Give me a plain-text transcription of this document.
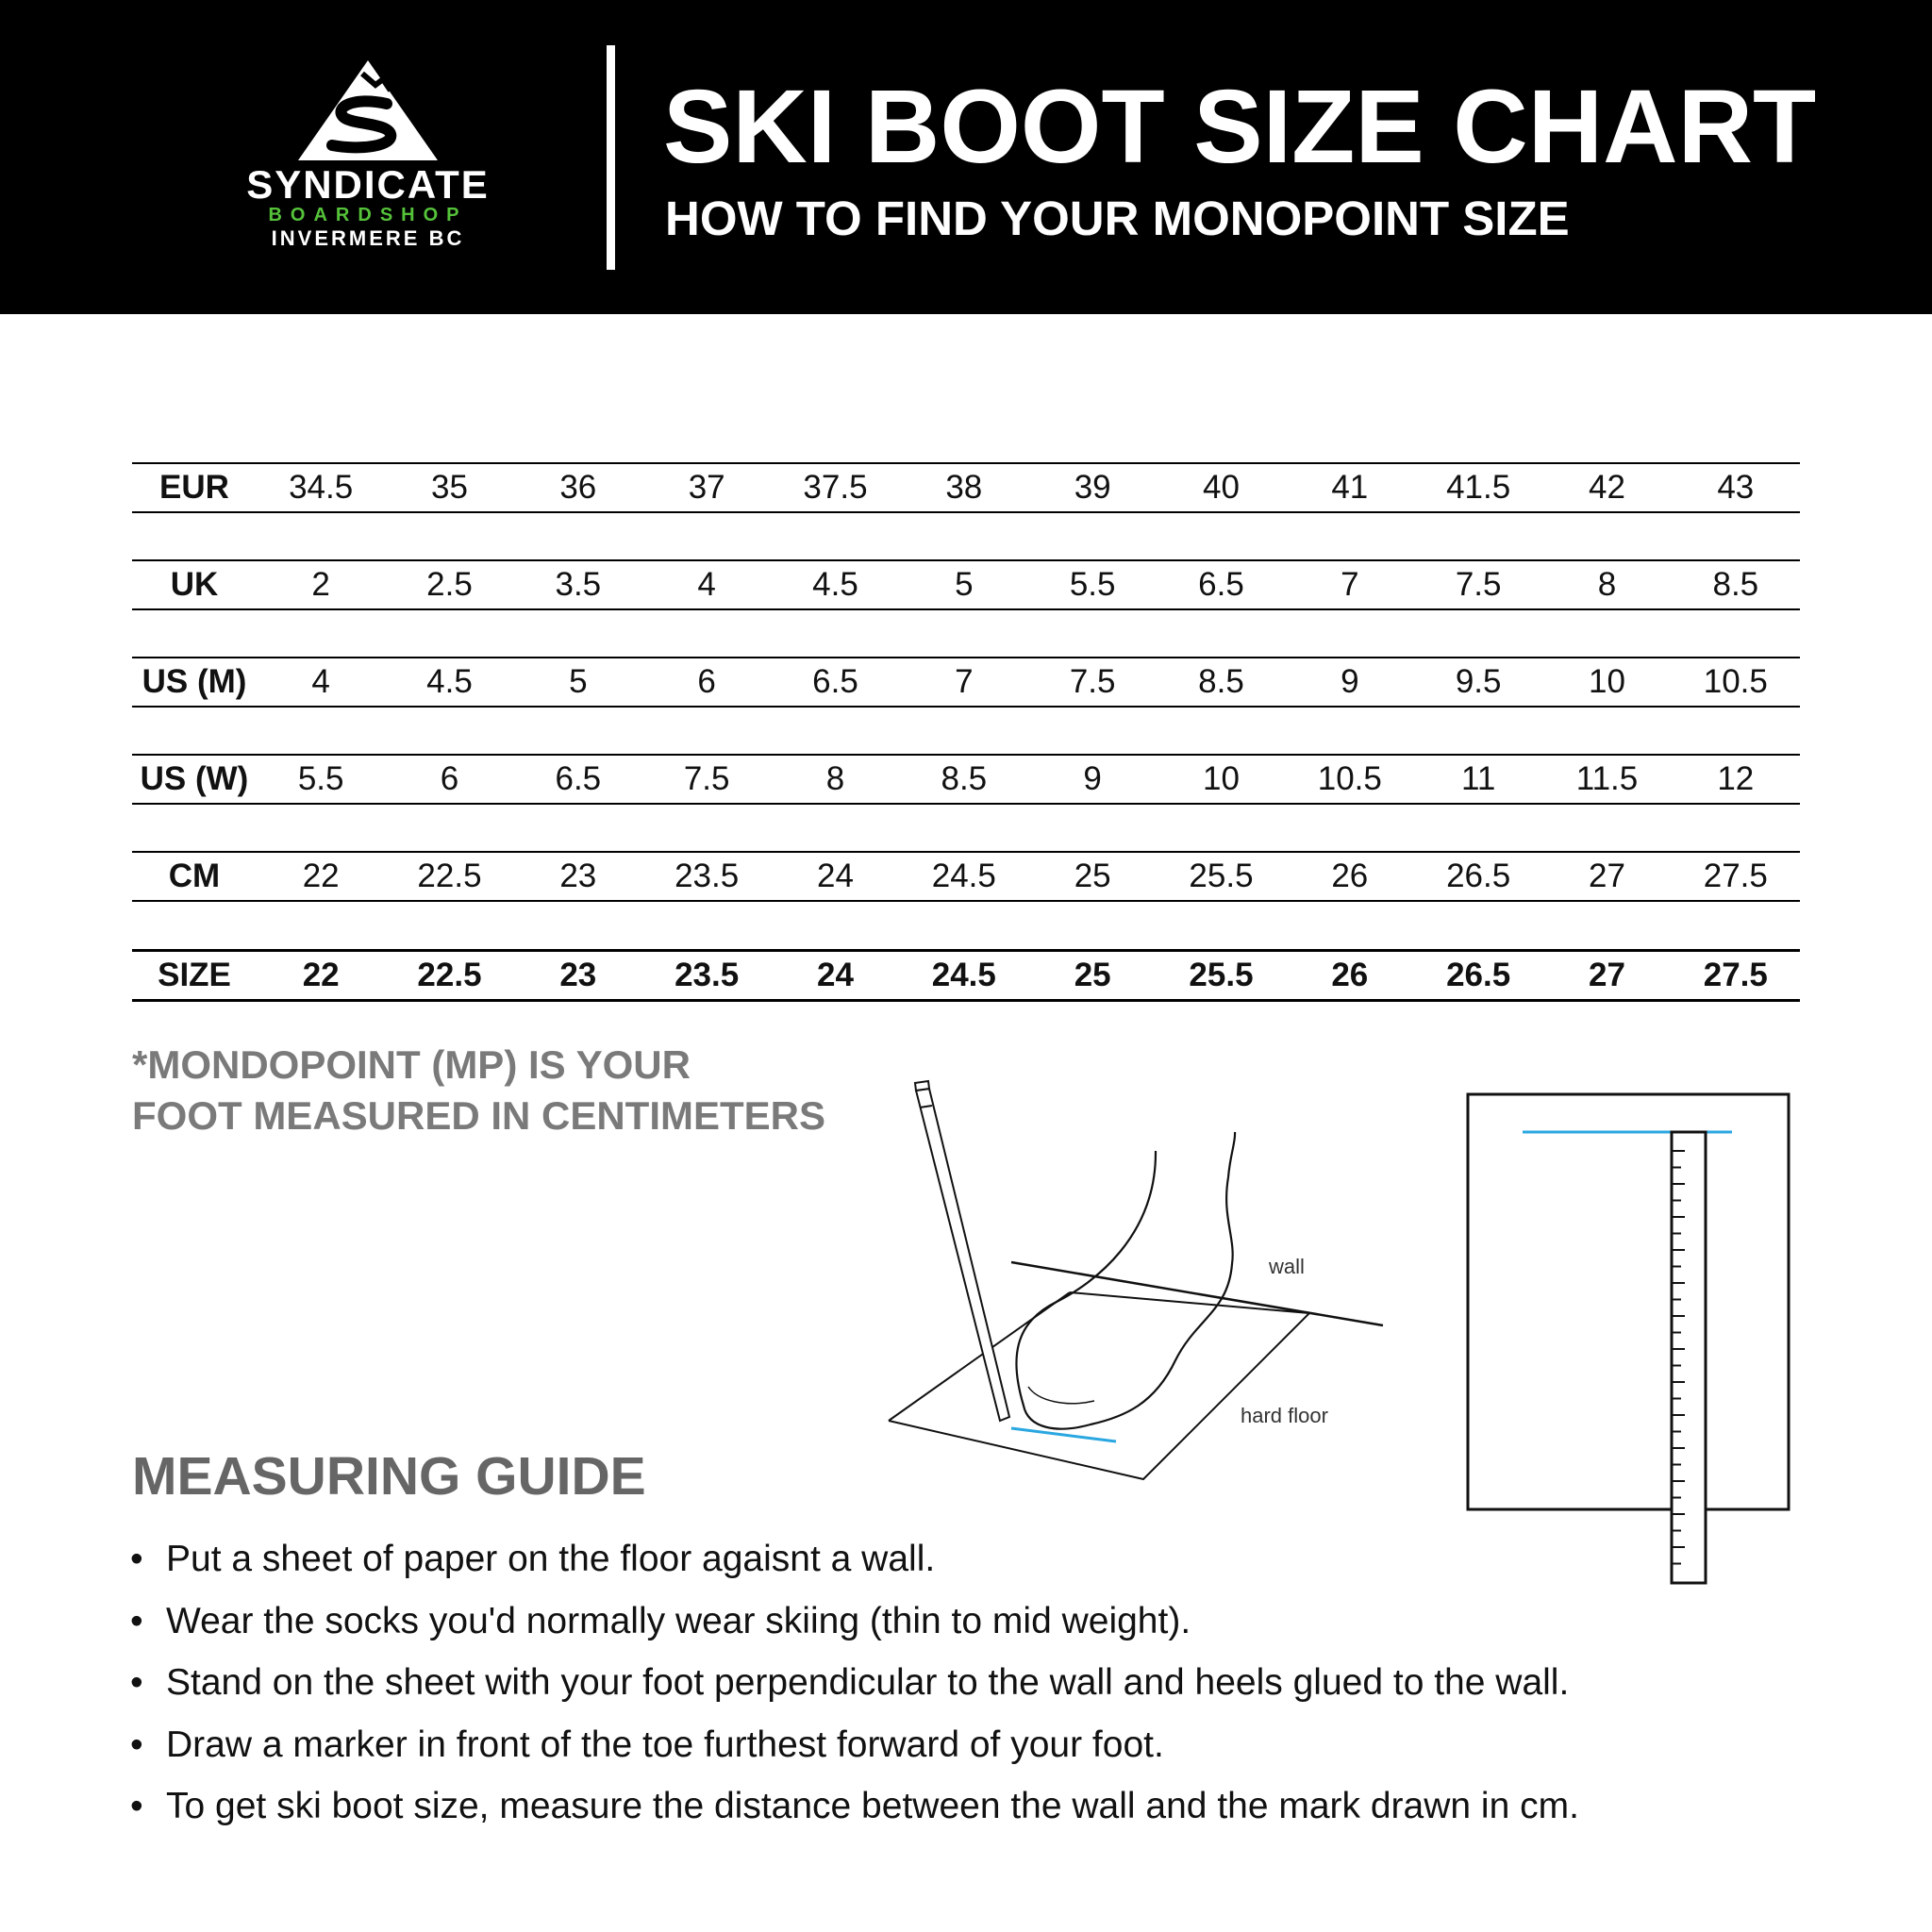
SYNDICATE
BOARDSHOP
INVERMERE BC
SKI BOOT SIZE CHART
HOW TO FIND YOUR MONOPOINT SIZE
EUR	34.5	35	36	37	37.5	38	39	40	41	41.5	42	43
UK	2	2.5	3.5	4	4.5	5	5.5	6.5	7	7.5	8	8.5
US (M)	4	4.5	5	6	6.5	7	7.5	8.5	9	9.5	10	10.5
US (W)	5.5	6	6.5	7.5	8	8.5	9	10	10.5	11	11.5	12
CM	22	22.5	23	23.5	24	24.5	25	25.5	26	26.5	27	27.5
SIZE	22	22.5	23	23.5	24	24.5	25	25.5	26	26.5	27	27.5
*MONDOPOINT (MP) IS YOUR
FOOT MEASURED IN CENTIMETERS
wall
hard floor
MEASURING GUIDE
• Put a sheet of paper on the floor agaisnt a wall.
• Wear the socks you'd normally wear skiing (thin to mid weight).
• Stand on the sheet with your foot perpendicular to the wall and heels glued to the wall.
• Draw a marker in front of the toe furthest forward of your foot.
• To get ski boot size, measure the distance between the wall and the mark drawn in cm.
